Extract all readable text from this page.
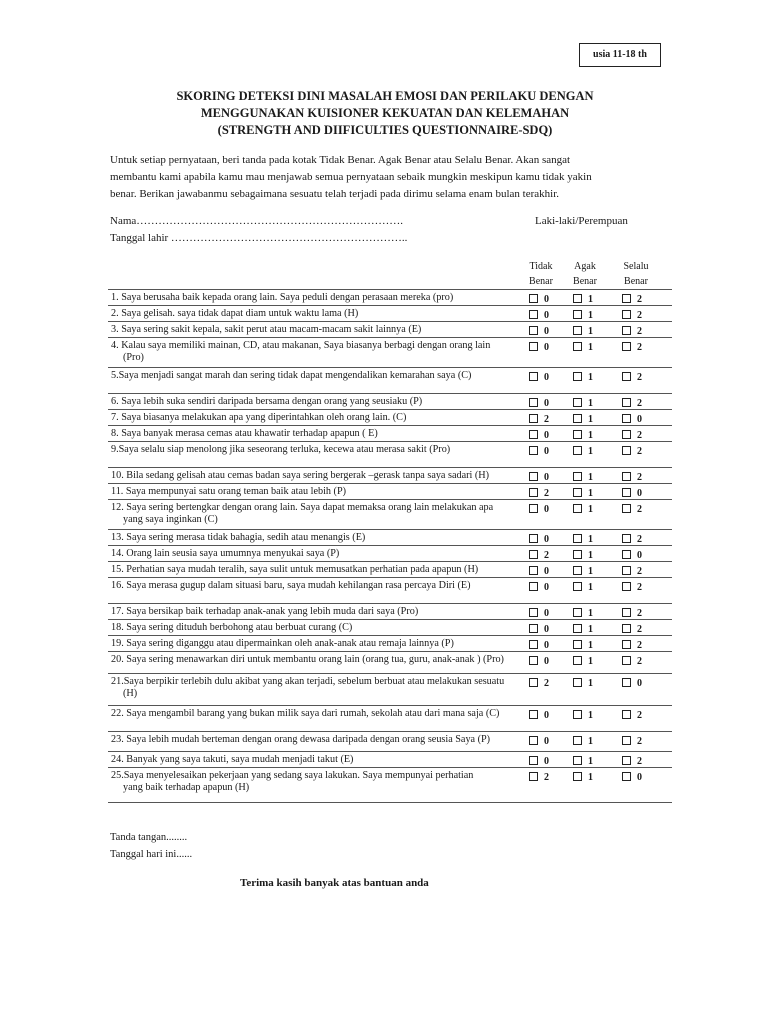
usia 11-18 th
SKORING DETEKSI DINI MASALAH EMOSI DAN PERILAKU DENGAN
MENGGUNAKAN KUISIONER KEKUATAN DAN KELEMAHAN
(STRENGTH AND DIIFICULTIES QUESTIONNAIRE-SDQ)
Untuk setiap pernyataan, beri tanda pada kotak Tidak Benar. Agak Benar atau Selalu Benar. Akan sangat
membantu kami apabila kamu mau menjawab semua pernyataan sebaik mungkin meskipun kamu tidak yakin
benar. Berikan jawabanmu sebagaimana sesuatu telah terjadi pada dirimu selama enam bulan terakhir.
Nama……………………………………………………………….	Laki-laki/Perempuan
Tanggal lahir ………………………………………………………..
Tidak
Benar
Agak
Benar
Selalu
Benar
1. Saya berusaha baik kepada orang lain. Saya peduli dengan perasaan mereka (pro)	0	1	2
2. Saya gelisah. saya tidak dapat diam untuk waktu lama (H)	0	1	2
3. Saya sering sakit kepala, sakit perut atau macam-macam sakit lainnya (E)	0	1	2
4. Kalau saya memiliki mainan, CD, atau makanan, Saya biasanya berbagi dengan orang lain
(Pro)
0	1	2
5.Saya menjadi sangat marah dan sering tidak dapat mengendalikan kemarahan saya (C)	0	1	2
6. Saya lebih suka sendiri daripada bersama dengan orang yang seusiaku (P)	0	1	2
7. Saya biasanya melakukan apa yang diperintahkan oleh orang lain. (C)	2	1	0
8. Saya banyak merasa cemas atau khawatir terhadap apapun ( E)	0	1	2
9.Saya selalu siap menolong jika seseorang terluka, kecewa atau merasa sakit (Pro)	0	1	2
10. Bila sedang gelisah atau cemas badan saya sering bergerak –gerask tanpa saya sadari (H)	0	1	2
11. Saya mempunyai satu orang teman baik atau lebih (P)	2	1	0
12. Saya sering bertengkar dengan orang lain. Saya dapat memaksa orang lain melakukan apa
yang saya inginkan (C)
0	1	2
13. Saya sering merasa tidak bahagia, sedih atau menangis (E)	0	1	2
14. Orang lain seusia saya umumnya menyukai saya (P)	2	1	0
15. Perhatian saya mudah teralih, saya sulit untuk memusatkan perhatian pada apapun (H)	0	1	2
16. Saya merasa gugup dalam situasi baru, saya mudah kehilangan rasa percaya Diri (E)	0	1	2
17. Saya bersikap baik terhadap anak-anak yang lebih muda dari saya (Pro)	0	1	2
18. Saya sering dituduh berbohong atau berbuat curang (C)	0	1	2
19. Saya sering diganggu atau dipermainkan oleh anak-anak atau remaja lainnya (P)	0	1	2
20. Saya sering menawarkan diri untuk membantu orang lain (orang tua, guru, anak-anak ) (Pro)	0	1	2
21.Saya berpikir terlebih dulu akibat yang akan terjadi, sebelum berbuat atau melakukan sesuatu
(H)
2	1	0
22. Saya mengambil barang yang bukan milik saya dari rumah, sekolah atau dari mana saja (C)	0	1	2
23. Saya lebih mudah berteman dengan orang dewasa daripada dengan orang seusia Saya (P)	0	1	2
24. Banyak yang saya takuti, saya mudah menjadi takut (E)	0	1	2
25.Saya menyelesaikan pekerjaan yang sedang saya lakukan. Saya mempunyai perhatian
yang baik terhadap apapun (H)
2	1	0
Tanda tangan........
Tanggal hari ini......
Terima kasih banyak atas bantuan anda
